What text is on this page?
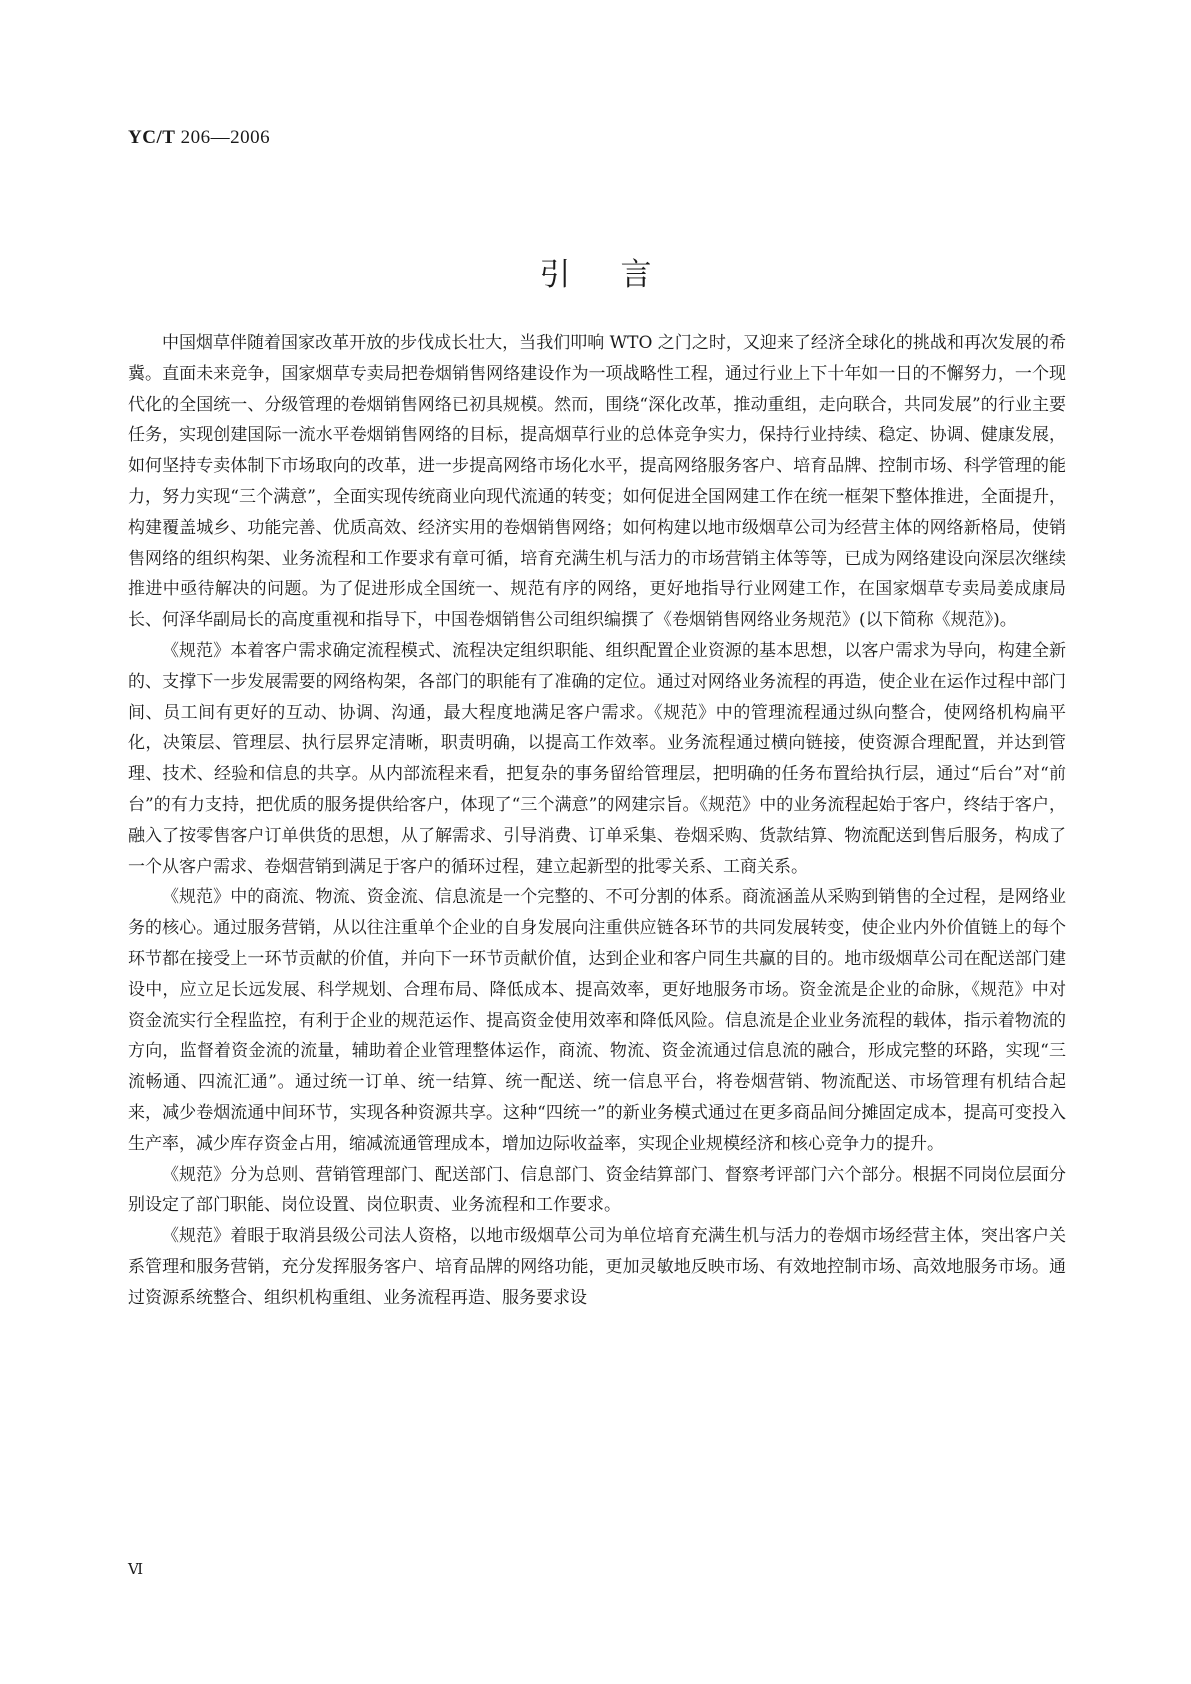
YC/T 206—2006
引言

中国烟草伴随着国家改革开放的步伐成长壮大，当我们叩响 WTO 之门之时，又迎来了经济全球化的挑战和再次发展的希冀。直面未来竞争，国家烟草专卖局把卷烟销售网络建设作为一项战略性工程，通过行业上下十年如一日的不懈努力，一个现代化的全国统一、分级管理的卷烟销售网络已初具规模。然而，围绕“深化改革，推动重组，走向联合，共同发展”的行业主要任务，实现创建国际一流水平卷烟销售网络的目标，提高烟草行业的总体竞争实力，保持行业持续、稳定、协调、健康发展，如何坚持专卖体制下市场取向的改革，进一步提高网络市场化水平，提高网络服务客户、培育品牌、控制市场、科学管理的能力，努力实现“三个满意”，全面实现传统商业向现代流通的转变；如何促进全国网建工作在统一框架下整体推进，全面提升，构建覆盖城乡、功能完善、优质高效、经济实用的卷烟销售网络；如何构建以地市级烟草公司为经营主体的网络新格局，使销售网络的组织构架、业务流程和工作要求有章可循，培育充满生机与活力的市场营销主体等等，已成为网络建设向深层次继续推进中亟待解决的问题。为了促进形成全国统一、规范有序的网络，更好地指导行业网建工作，在国家烟草专卖局姜成康局长、何泽华副局长的高度重视和指导下，中国卷烟销售公司组织编撰了《卷烟销售网络业务规范》(以下简称《规范》)。

《规范》本着客户需求确定流程模式、流程决定组织职能、组织配置企业资源的基本思想，以客户需求为导向，构建全新的、支撑下一步发展需要的网络构架，各部门的职能有了准确的定位。通过对网络业务流程的再造，使企业在运作过程中部门间、员工间有更好的互动、协调、沟通，最大程度地满足客户需求。《规范》中的管理流程通过纵向整合，使网络机构扁平化，决策层、管理层、执行层界定清晰，职责明确，以提高工作效率。业务流程通过横向链接，使资源合理配置，并达到管理、技术、经验和信息的共享。从内部流程来看，把复杂的事务留给管理层，把明确的任务布置给执行层，通过“后台”对“前台”的有力支持，把优质的服务提供给客户，体现了“三个满意”的网建宗旨。《规范》中的业务流程起始于客户，终结于客户，融入了按零售客户订单供货的思想，从了解需求、引导消费、订单采集、卷烟采购、货款结算、物流配送到售后服务，构成了一个从客户需求、卷烟营销到满足于客户的循环过程，建立起新型的批零关系、工商关系。

《规范》中的商流、物流、资金流、信息流是一个完整的、不可分割的体系。商流涵盖从采购到销售的全过程，是网络业务的核心。通过服务营销，从以往注重单个企业的自身发展向注重供应链各环节的共同发展转变，使企业内外价值链上的每个环节都在接受上一环节贡献的价值，并向下一环节贡献价值，达到企业和客户同生共赢的目的。地市级烟草公司在配送部门建设中，应立足长远发展、科学规划、合理布局、降低成本、提高效率，更好地服务市场。资金流是企业的命脉，《规范》中对资金流实行全程监控，有利于企业的规范运作、提高资金使用效率和降低风险。信息流是企业业务流程的载体，指示着物流的方向，监督着资金流的流量，辅助着企业管理整体运作，商流、物流、资金流通过信息流的融合，形成完整的环路，实现“三流畅通、四流汇通”。通过统一订单、统一结算、统一配送、统一信息平台，将卷烟营销、物流配送、市场管理有机结合起来，减少卷烟流通中间环节，实现各种资源共享。这种“四统一”的新业务模式通过在更多商品间分摊固定成本，提高可变投入生产率，减少库存资金占用，缩减流通管理成本，增加边际收益率，实现企业规模经济和核心竞争力的提升。

《规范》分为总则、营销管理部门、配送部门、信息部门、资金结算部门、督察考评部门六个部分。根据不同岗位层面分别设定了部门职能、岗位设置、岗位职责、业务流程和工作要求。

《规范》着眼于取消县级公司法人资格，以地市级烟草公司为单位培育充满生机与活力的卷烟市场经营主体，突出客户关系管理和服务营销，充分发挥服务客户、培育品牌的网络功能，更加灵敏地反映市场、有效地控制市场、高效地服务市场。通过资源系统整合、组织机构重组、业务流程再造、服务要求设

Ⅵ
